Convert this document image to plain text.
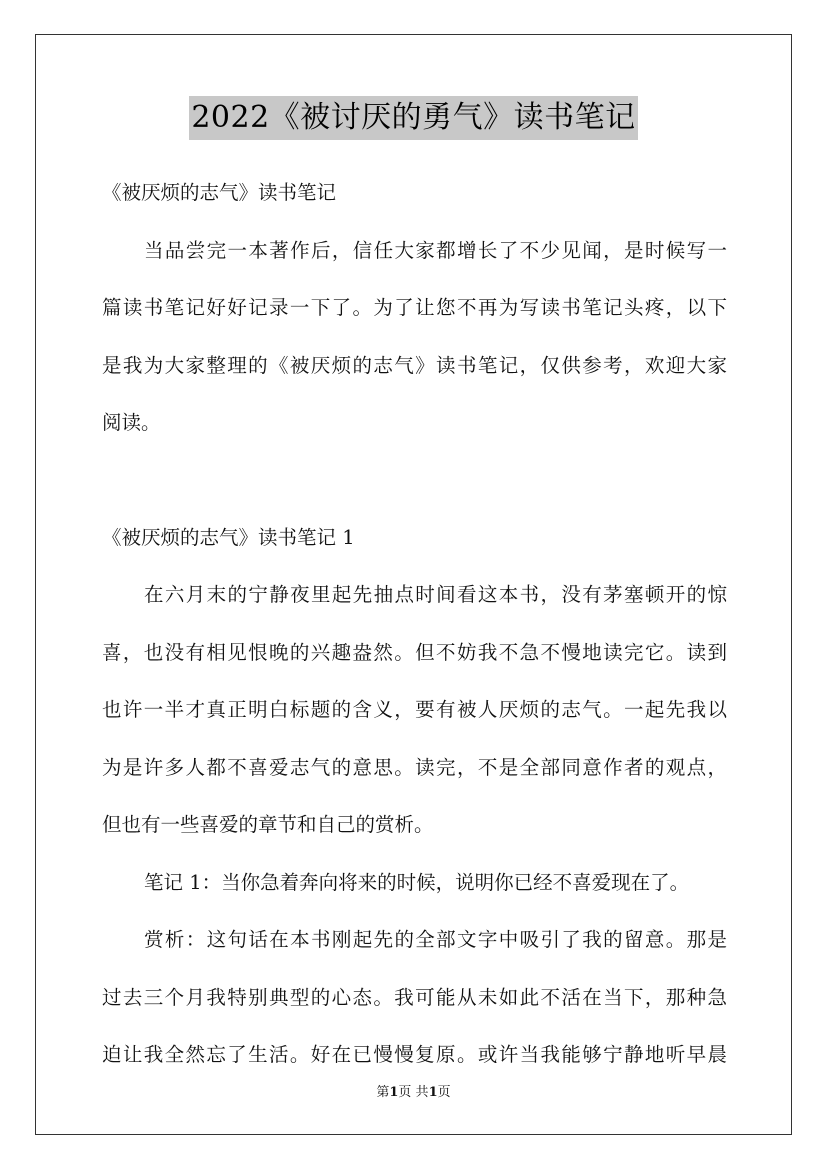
2022《被讨厌的勇气》读书笔记
《被厌烦的志气》读书笔记
当品尝完一本著作后，信任大家都增长了不少见闻，是时候写一
篇读书笔记好好记录一下了。为了让您不再为写读书笔记头疼，以下
是我为大家整理的《被厌烦的志气》读书笔记，仅供参考，欢迎大家
阅读。
《被厌烦的志气》读书笔记 1
在六月末的宁静夜里起先抽点时间看这本书，没有茅塞顿开的惊
喜，也没有相见恨晚的兴趣盎然。但不妨我不急不慢地读完它。读到
也许一半才真正明白标题的含义，要有被人厌烦的志气。一起先我以
为是许多人都不喜爱志气的意思。读完，不是全部同意作者的观点，
但也有一些喜爱的章节和自己的赏析。
笔记 1：当你急着奔向将来的时候，说明你已经不喜爱现在了。
赏析：这句话在本书刚起先的全部文字中吸引了我的留意。那是
过去三个月我特别典型的心态。我可能从未如此不活在当下，那种急
迫让我全然忘了生活。好在已慢慢复原。或许当我能够宁静地听早晨
第1页 共1页
